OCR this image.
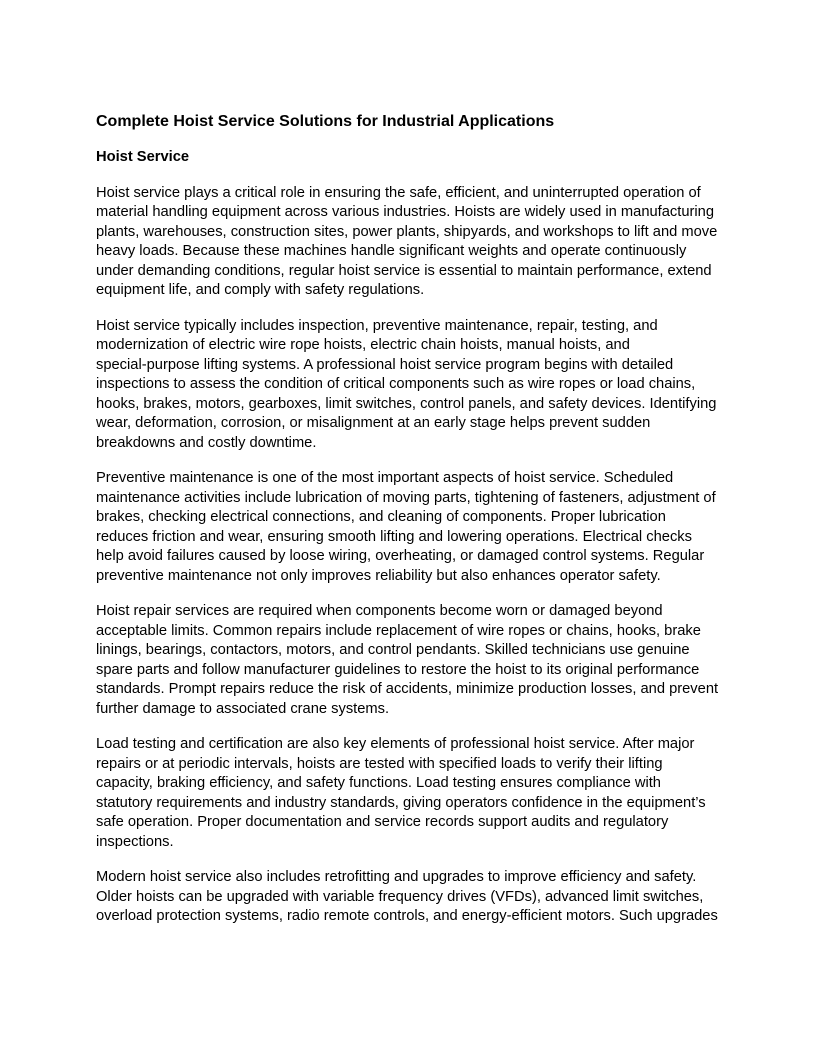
Complete Hoist Service Solutions for Industrial Applications
Hoist Service
Hoist service plays a critical role in ensuring the safe, efficient, and uninterrupted operation of
material handling equipment across various industries. Hoists are widely used in manufacturing
plants, warehouses, construction sites, power plants, shipyards, and workshops to lift and move
heavy loads. Because these machines handle significant weights and operate continuously
under demanding conditions, regular hoist service is essential to maintain performance, extend
equipment life, and comply with safety regulations.
Hoist service typically includes inspection, preventive maintenance, repair, testing, and
modernization of electric wire rope hoists, electric chain hoists, manual hoists, and
special-purpose lifting systems. A professional hoist service program begins with detailed
inspections to assess the condition of critical components such as wire ropes or load chains,
hooks, brakes, motors, gearboxes, limit switches, control panels, and safety devices. Identifying
wear, deformation, corrosion, or misalignment at an early stage helps prevent sudden
breakdowns and costly downtime.
Preventive maintenance is one of the most important aspects of hoist service. Scheduled
maintenance activities include lubrication of moving parts, tightening of fasteners, adjustment of
brakes, checking electrical connections, and cleaning of components. Proper lubrication
reduces friction and wear, ensuring smooth lifting and lowering operations. Electrical checks
help avoid failures caused by loose wiring, overheating, or damaged control systems. Regular
preventive maintenance not only improves reliability but also enhances operator safety.
Hoist repair services are required when components become worn or damaged beyond
acceptable limits. Common repairs include replacement of wire ropes or chains, hooks, brake
linings, bearings, contactors, motors, and control pendants. Skilled technicians use genuine
spare parts and follow manufacturer guidelines to restore the hoist to its original performance
standards. Prompt repairs reduce the risk of accidents, minimize production losses, and prevent
further damage to associated crane systems.
Load testing and certification are also key elements of professional hoist service. After major
repairs or at periodic intervals, hoists are tested with specified loads to verify their lifting
capacity, braking efficiency, and safety functions. Load testing ensures compliance with
statutory requirements and industry standards, giving operators confidence in the equipment’s
safe operation. Proper documentation and service records support audits and regulatory
inspections.
Modern hoist service also includes retrofitting and upgrades to improve efficiency and safety.
Older hoists can be upgraded with variable frequency drives (VFDs), advanced limit switches,
overload protection systems, radio remote controls, and energy-efficient motors. Such upgrades
